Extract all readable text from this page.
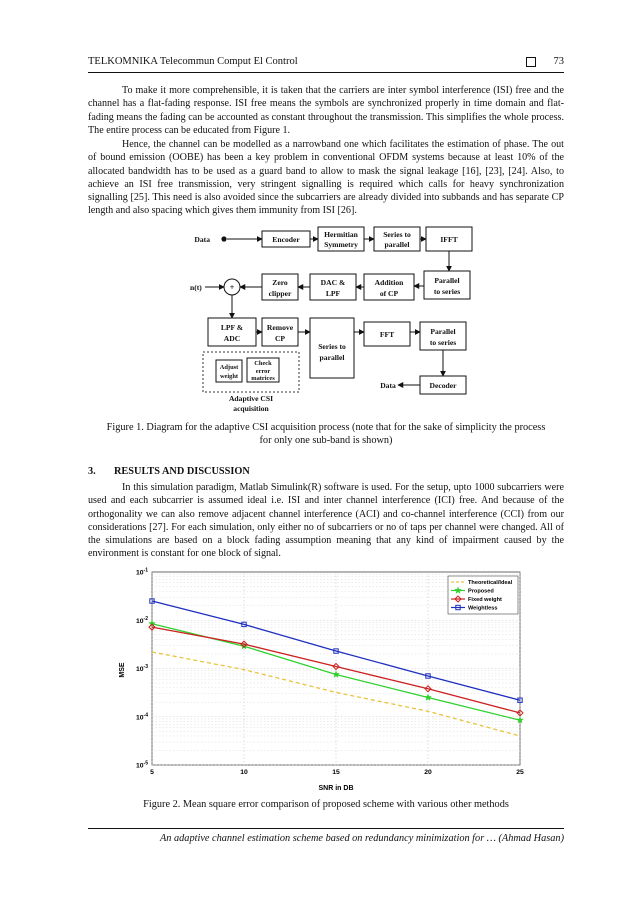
TELKOMNIKA Telecommun Comput El Control	73

To make it more comprehensible, it is taken that the carriers are inter symbol interference (ISI) free and the channel has a flat-fading response. ISI free means the symbols are synchronized properly in time domain and flat-fading means the fading can be accounted as constant throughout the transmission. This simplifies the whole process. The entire process can be educated from Figure 1.

Hence, the channel can be modelled as a narrowband one which facilitates the estimation of phase. The out of bound emission (OOBE) has been a key problem in conventional OFDM systems because at least 10% of the allocated bandwidth has to be used as a guard band to allow to mask the signal leakage [16], [23], [24]. Also, to achieve an ISI free transmission, very stringent signalling is required which calls for heavy synchronization signalling [25]. This need is also avoided since the subcarriers are already divided into subbands and has separate CP length and also spacing which gives them immunity from ISI [26].

Data	Encoder
Hermitian
Symmetry
Series to
parallel
IFFT
Parallel
to series
Addition
of CP
DAC &
LPF
Zero
clipper
+
n(t)
LPF &
ADC
Remove
CP
Series to
parallel
FFT	Parallel
to series
Adjust
weight
Check
error
matrices
Adaptive CSI
acquisition
Decoder
Data

Figure 1. Diagram for the adaptive CSI acquisition process (note that for the sake of simplicity the process

for only one sub-band is shown)

3. RESULTS AND DISCUSSION

In this simulation paradigm, Matlab Simulink(R) software is used. For the setup, upto 1000 subcarriers were used and each subcarrier is assumed ideal i.e. ISI and inter channel interference (ICI) free. And because of the orthogonality we can also remove adjacent channel interference (ACI) and co-channel interference (CCI) from our considerations [27]. For each simulation, only either no of subcarriers or no of taps per channel were changed. All of the simulations are based on a block fading assumption meaning that any kind of impairment caused by the environment is constant for one block of signal.

5	10	15	20	25
$10^{-5}$
$10^{-4}$
$10^{-3}$
$10^{-2}$
$10^{-1}$
SNR in DB
MSE
Theoretical/Ideal
Proposed
Fixed weight
Weightless

Figure 2. Mean square error comparison of proposed scheme with various other methods

An adaptive channel estimation scheme based on redundancy minimization for … (Ahmad Hasan)
